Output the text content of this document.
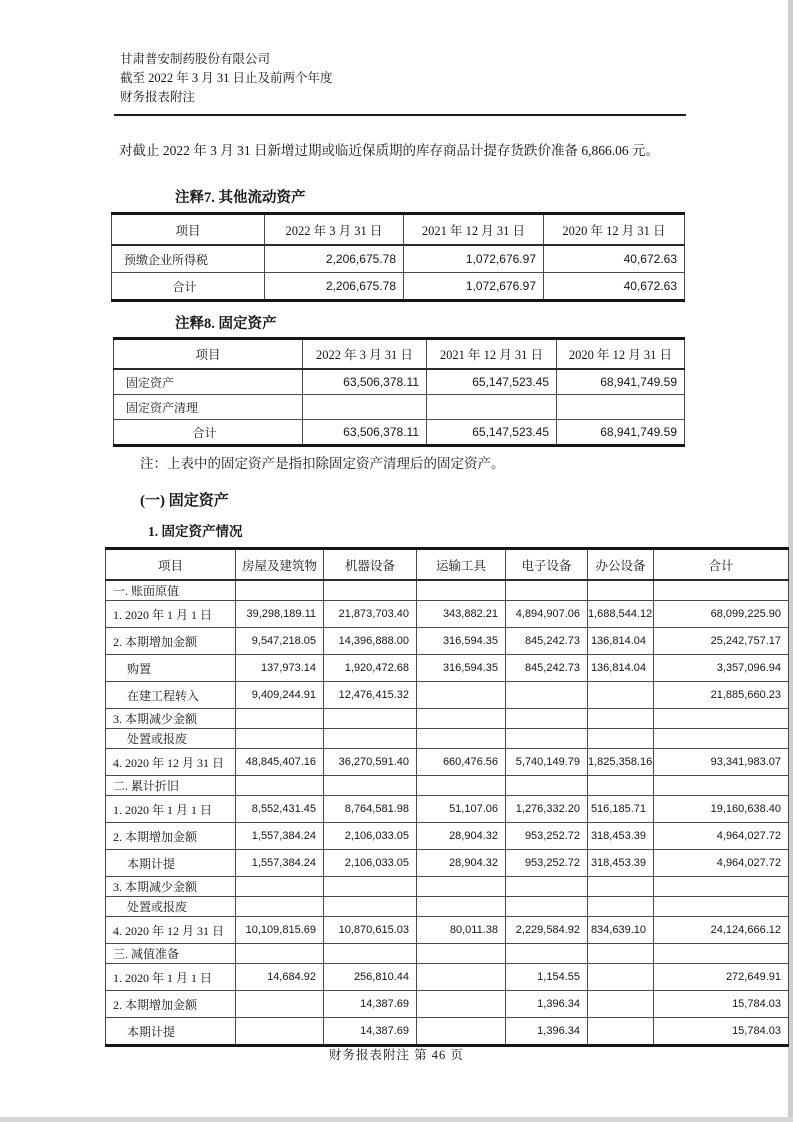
甘肃普安制药股份有限公司
截至 2022 年 3 月 31 日止及前两个年度
财务报表附注
对截止 2022 年 3 月 31 日新增过期或临近保质期的库存商品计提存货跌价准备 6,866.06 元。
注释7. 其他流动资产
项目	2022 年 3 月 31 日	2021 年 12 月 31 日	2020 年 12 月 31 日
预缴企业所得税	2,206,675.78	1,072,676.97	40,672.63
合计	2,206,675.78	1,072,676.97	40,672.63
注释8. 固定资产
项目	2022 年 3 月 31 日	2021 年 12 月 31 日	2020 年 12 月 31 日
固定资产	63,506,378.11	65,147,523.45	68,941,749.59
固定资产清理			
合计	63,506,378.11	65,147,523.45	68,941,749.59
注：上表中的固定资产是指扣除固定资产清理后的固定资产。
(一) 固定资产
1. 固定资产情况
项目	房屋及建筑物	机器设备	运输工具	电子设备	办公设备	合计
一. 账面原值						
1. 2020 年 1 月 1 日	39,298,189.11	21,873,703.40	343,882.21	4,894,907.06	1,688,544.12	68,099,225.90
2. 本期增加金额	9,547,218.05	14,396,888.00	316,594.35	845,242.73	136,814.04	25,242,757.17
购置	137,973.14	1,920,472.68	316,594.35	845,242.73	136,814.04	3,357,096.94
在建工程转入	9,409,244.91	12,476,415.32				21,885,660.23
3. 本期减少金额						
处置或报废						
4. 2020 年 12 月 31 日	48,845,407.16	36,270,591.40	660,476.56	5,740,149.79	1,825,358.16	93,341,983.07
二. 累计折旧						
1. 2020 年 1 月 1 日	8,552,431.45	8,764,581.98	51,107.06	1,276,332.20	516,185.71	19,160,638.40
2. 本期增加金额	1,557,384.24	2,106,033.05	28,904.32	953,252.72	318,453.39	4,964,027.72
本期计提	1,557,384.24	2,106,033.05	28,904.32	953,252.72	318,453.39	4,964,027.72
3. 本期减少金额						
处置或报废						
4. 2020 年 12 月 31 日	10,109,815.69	10,870,615.03	80,011.38	2,229,584.92	834,639.10	24,124,666.12
三. 减值准备						
1. 2020 年 1 月 1 日	14,684.92	256,810.44		1,154.55		272,649.91
2. 本期增加金额		14,387.69		1,396.34		15,784.03
本期计提		14,387.69		1,396.34		15,784.03
财务报表附注 第 46 页
